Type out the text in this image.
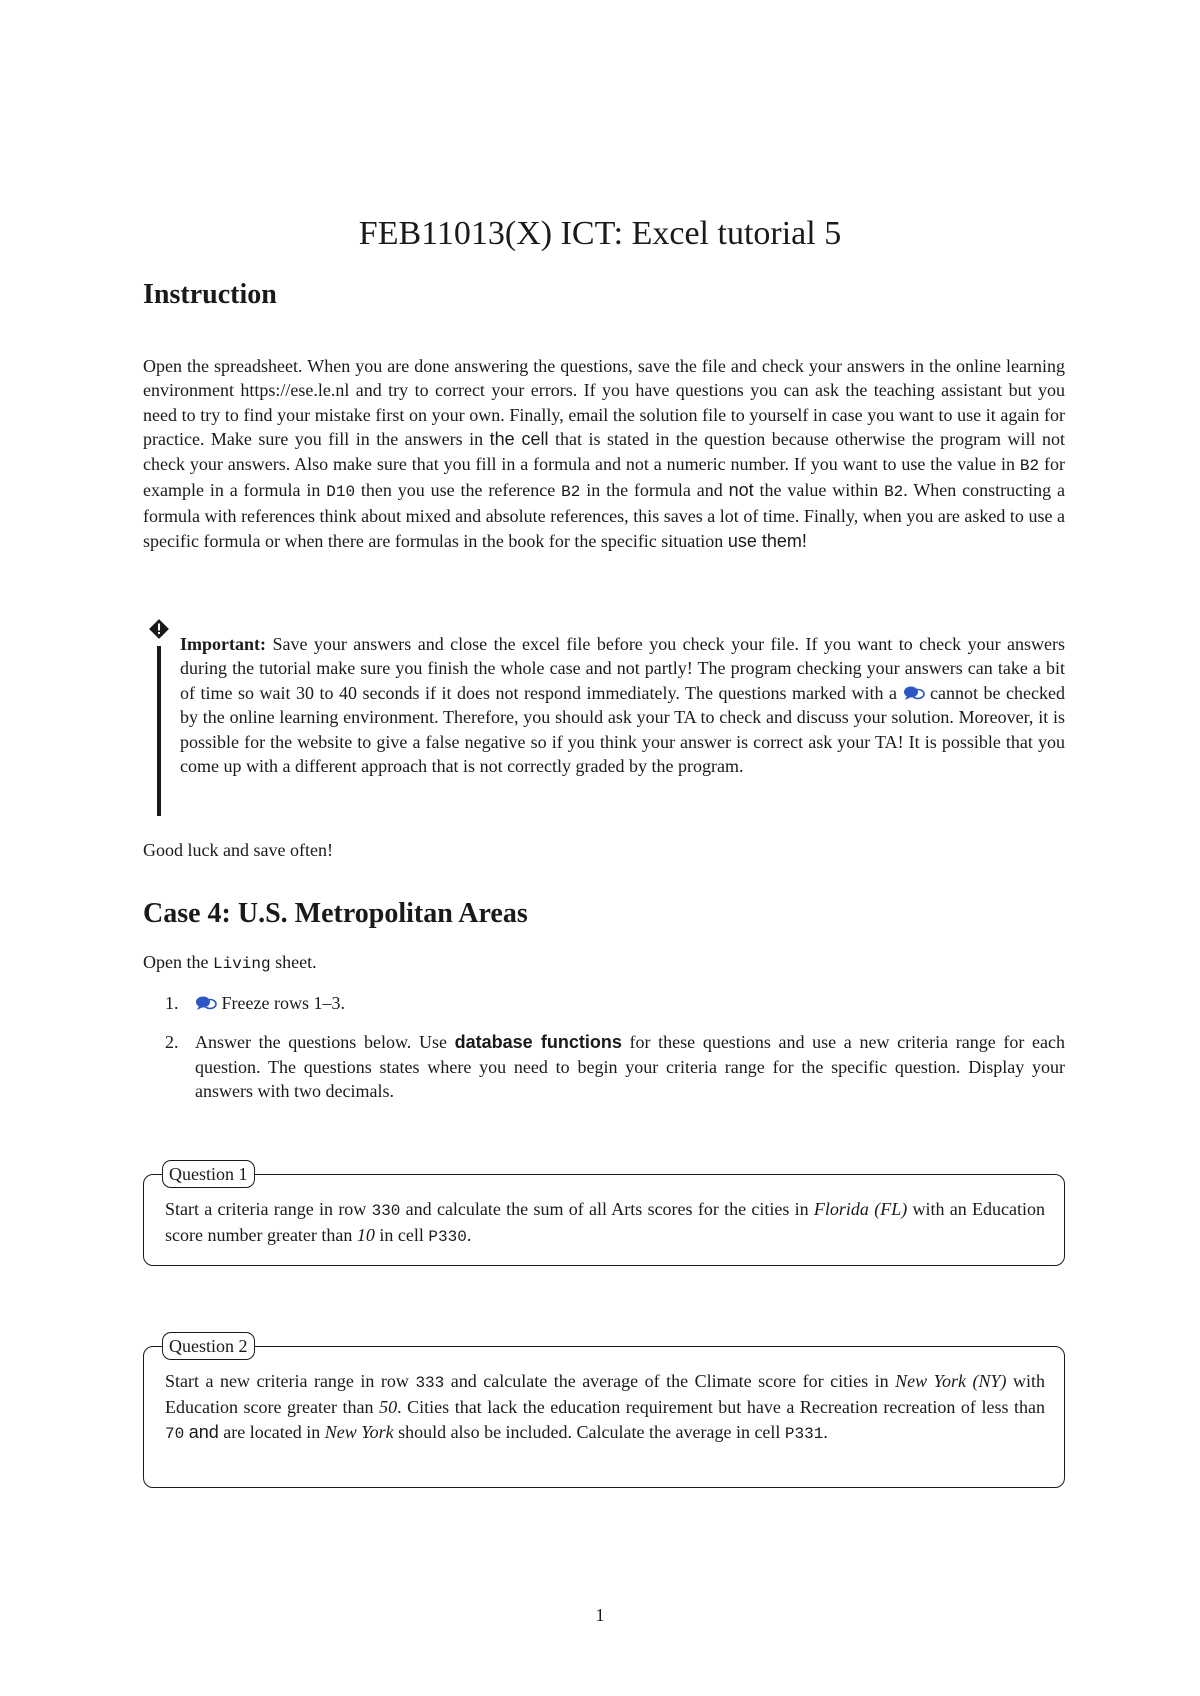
FEB11013(X) ICT: Excel tutorial 5
Instruction
Open the spreadsheet. When you are done answering the questions, save the file and check your answers in the online learning environment https://ese.le.nl and try to correct your errors. If you have questions you can ask the teaching assistant but you need to try to find your mistake first on your own. Finally, email the solution file to yourself in case you want to use it again for practice. Make sure you fill in the answers in the cell that is stated in the question because otherwise the program will not check your answers. Also make sure that you fill in a formula and not a numeric number. If you want to use the value in B2 for example in a formula in D10 then you use the reference B2 in the formula and not the value within B2. When constructing a formula with references think about mixed and absolute references, this saves a lot of time. Finally, when you are asked to use a specific formula or when there are formulas in the book for the specific situation use them!
Important: Save your answers and close the excel file before you check your file. If you want to check your answers during the tutorial make sure you finish the whole case and not partly! The program checking your answers can take a bit of time so wait 30 to 40 seconds if it does not respond immediately. The questions marked with a  cannot be checked by the online learning environment. Therefore, you should ask your TA to check and discuss your solution. Moreover, it is possible for the website to give a false negative so if you think your answer is correct ask your TA! It is possible that you come up with a different approach that is not correctly graded by the program.
Good luck and save often!
Case 4: U.S. Metropolitan Areas
Open the Living sheet.
1. Freeze rows 1–3.
2. Answer the questions below. Use database functions for these questions and use a new criteria range for each question. The questions states where you need to begin your criteria range for the specific question. Display your answers with two decimals.
Question 1
Start a criteria range in row 330 and calculate the sum of all Arts scores for the cities in Florida (FL) with an Education score number greater than 10 in cell P330.
Question 2
Start a new criteria range in row 333 and calculate the average of the Climate score for cities in New York (NY) with Education score greater than 50. Cities that lack the education requirement but have a Recreation recreation of less than 70 and are located in New York should also be included. Calculate the average in cell P331.
1
